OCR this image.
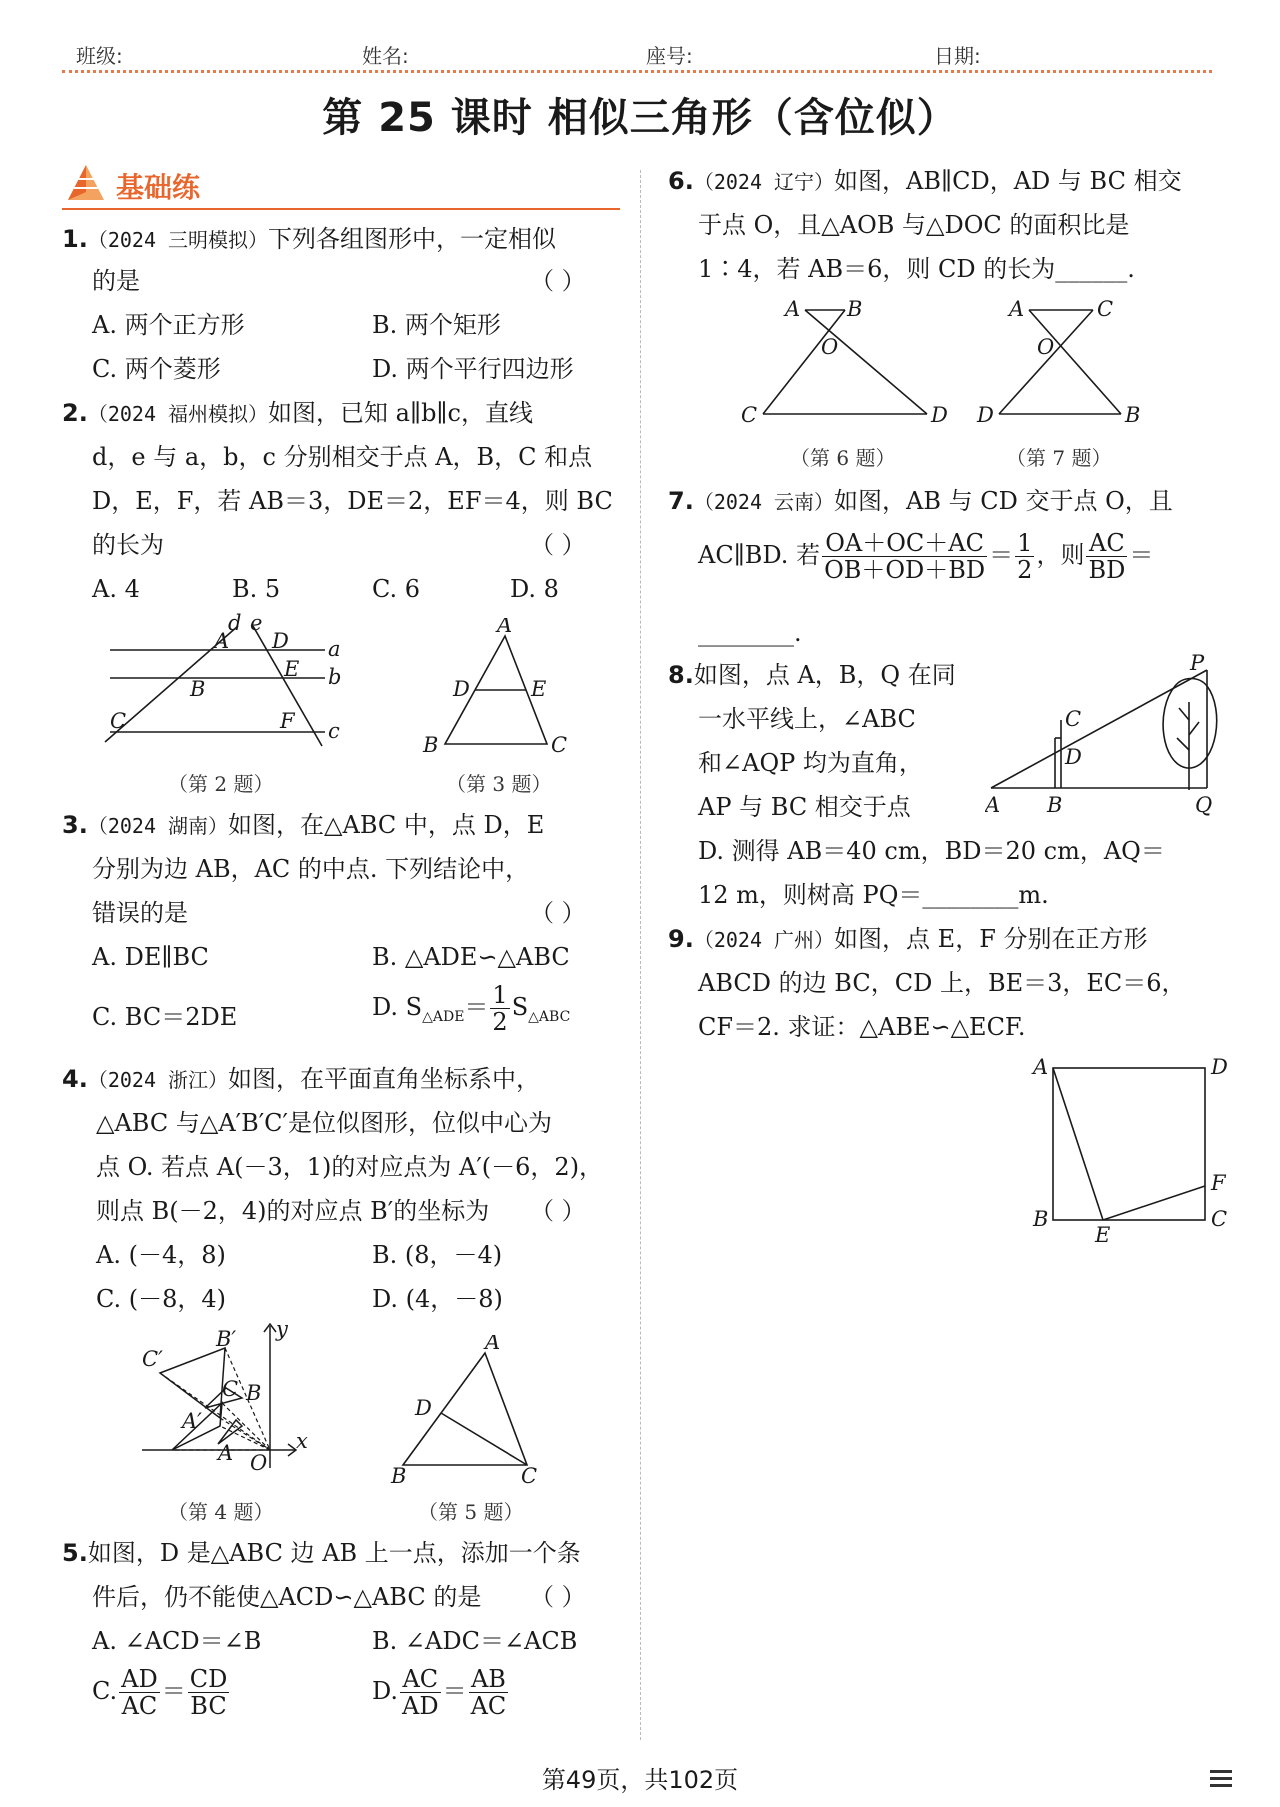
班级:	姓名:	座号:	日期:
第 25 课时 相似三角形（含位似）
基础练
1.（2024 三明模拟）下列各组图形中，一定相似
的是	（ ）
A. 两个正方形	B. 两个矩形
C. 两个菱形	D. 两个平行四边形
2.（2024 福州模拟）如图，已知 a∥b∥c，直线
d，e 与 a，b，c 分别相交于点 A，B，C 和点
D，E，F，若 AB＝3，DE＝2，EF＝4，则 BC
的长为	（ ）
A. 4	B. 5	C. 6	D. 8
d e
A D a
E
B	b
C	F c
（第 2 题）
A
D	E
B	C
（第 3 题）
3.（2024 湖南）如图，在△ABC 中，点 D，E
分别为边 AB，AC 的中点. 下列结论中，
错误的是	（ ）
A. DE∥BC	B. △ADE∽△ABC
C. BC＝2DE	D. $S_{\triangle ADE}= \frac{1}{2} S_{\triangle ABC}$
4.（2024 浙江）如图，在平面直角坐标系中，
△ABC 与△A′B′C′是位似图形，位似中心为
点 O. 若点 A(－3，1)的对应点为 A′(－6，2)，
则点 B(－2，4)的对应点 B′的坐标为 （ ）
A. (－4，8)	B. (8，－4)
C. (－8，4)	D. (4，－8)
y
x
O
A
B
C
A′
B′
C′
（第 4 题）
A
D
B	C
（第 5 题）
5.如图，D 是△ABC 边 AB 上一点，添加一个条
件后，仍不能使△ACD∽△ABC 的是 （ ）
A. ∠ACD＝∠B	B. ∠ADC＝∠ACB
C. $\frac{AD}{AC} = \frac{CD}{BC}$	D. $\frac{AC}{AD} = \frac{AB}{AC}$
6.（2024 辽宁）如图，AB∥CD，AD 与 BC 相交
于点 O，且△AOB 与△DOC 的面积比是
1∶4，若 AB＝6，则 CD 的长为______.
A B
O
C	D
（第 6 题）
A	C
O
D	B
（第 7 题）
7.（2024 云南）如图，AB 与 CD 交于点 O，且
AC∥BD. 若 $\frac{OA+OC+AC}{OB+OD+BD} = \frac{1}{2}$ ，则 $\frac{AC}{BD}$ ＝
________.
8.如图，点 A，B，Q 在同
一水平线上，∠ABC
和∠AQP 均为直角，
AP 与 BC 相交于点
D. 测得 AB＝40 cm，BD＝20 cm，AQ＝
12 m，则树高 PQ＝________m.
P
C
D
A B	Q
9.（2024 广州）如图，点 E，F 分别在正方形
ABCD 的边 BC，CD 上，BE＝3，EC＝6，
CF＝2. 求证：△ABE∽△ECF.
A	D
F
B	C
E
第49页，共102页
